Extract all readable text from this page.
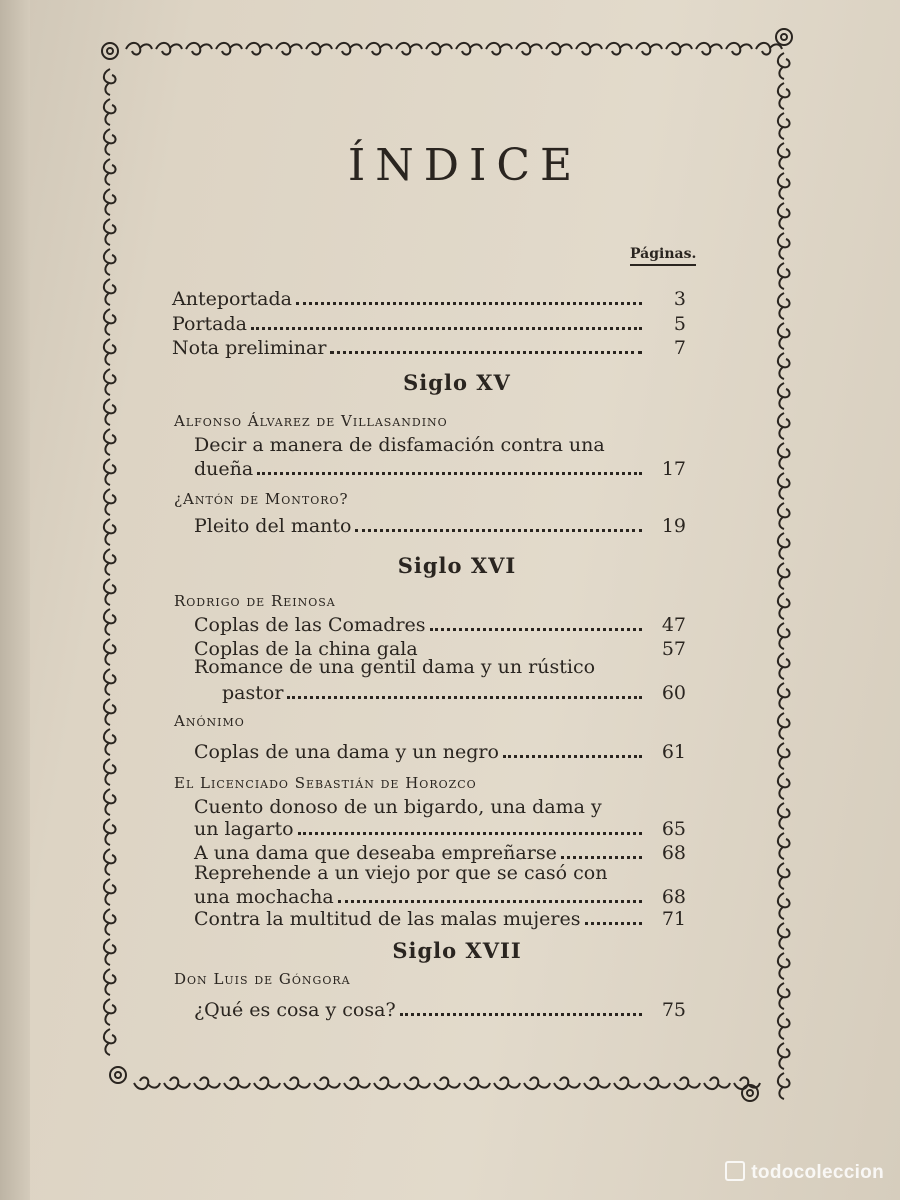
ÍNDICE
Páginas.
Anteportada	3
Portada	5
Nota preliminar	7
Siglo XV
Alfonso Álvarez de Villasandino
Decir a manera de disfamación contra una
dueña	17
¿Antón de Montoro?
Pleito del manto	19
Siglo XVI
Rodrigo de Reinosa
Coplas de las Comadres	47
Coplas de la china gala	57
Romance de una gentil dama y un rústico
pastor	60
Anónimo
Coplas de una dama y un negro	61
El Licenciado Sebastián de Horozco
Cuento donoso de un bigardo, una dama y
un lagarto	65
A una dama que deseaba empreñarse	68
Reprehende a un viejo por que se casó con
una mochacha	68
Contra la multitud de las malas mujeres	71
Siglo XVII
Don Luis de Góngora
¿Qué es cosa y cosa?	75
todocoleccion
